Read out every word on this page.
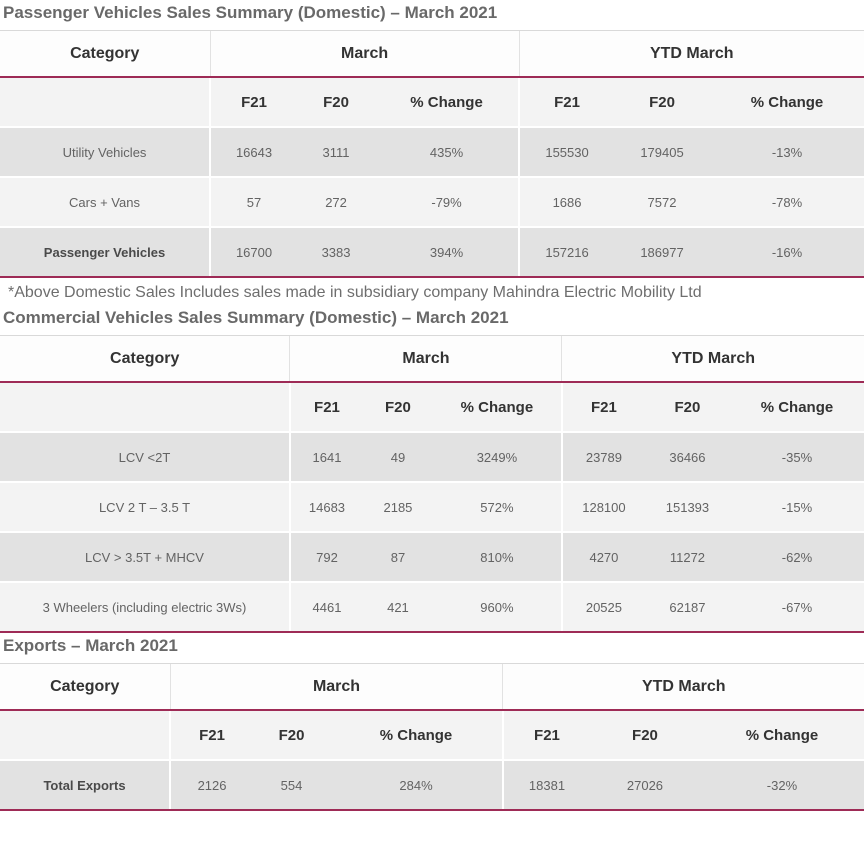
Passenger Vehicles Sales Summary (Domestic) – March 2021
Category	March			YTD March		
	F21	F20	% Change	F21	F20	% Change
Utility Vehicles	16643	3111	435%	155530	179405	-13%
Cars + Vans	57	272	-79%	1686	7572	-78%
Passenger Vehicles	16700	3383	394%	157216	186977	-16%
*Above Domestic Sales Includes sales made in subsidiary company Mahindra Electric Mobility Ltd
Commercial Vehicles Sales Summary (Domestic) – March 2021
Category	March			YTD March		
	F21	F20	% Change	F21	F20	% Change
LCV <2T	1641	49	3249%	23789	36466	-35%
LCV 2 T – 3.5 T	14683	2185	572%	128100	151393	-15%
LCV > 3.5T + MHCV	792	87	810%	4270	11272	-62%
3 Wheelers (including electric 3Ws)	4461	421	960%	20525	62187	-67%
Exports – March 2021
Category	March			YTD March		
	F21	F20	% Change	F21	F20	% Change
Total Exports	2126	554	284%	18381	27026	-32%
